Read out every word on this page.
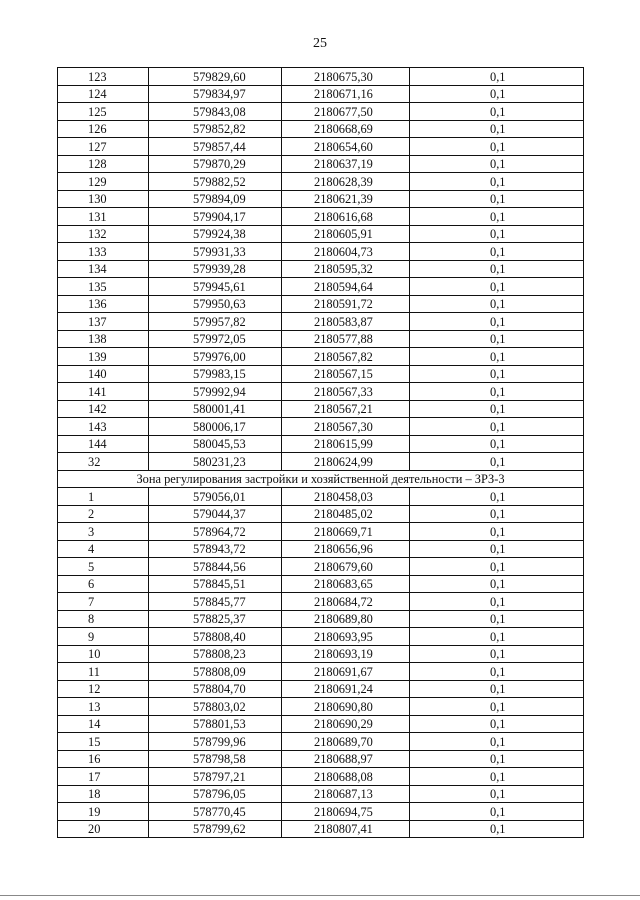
25
123	579829,60	2180675,30	0,1
124	579834,97	2180671,16	0,1
125	579843,08	2180677,50	0,1
126	579852,82	2180668,69	0,1
127	579857,44	2180654,60	0,1
128	579870,29	2180637,19	0,1
129	579882,52	2180628,39	0,1
130	579894,09	2180621,39	0,1
131	579904,17	2180616,68	0,1
132	579924,38	2180605,91	0,1
133	579931,33	2180604,73	0,1
134	579939,28	2180595,32	0,1
135	579945,61	2180594,64	0,1
136	579950,63	2180591,72	0,1
137	579957,82	2180583,87	0,1
138	579972,05	2180577,88	0,1
139	579976,00	2180567,82	0,1
140	579983,15	2180567,15	0,1
141	579992,94	2180567,33	0,1
142	580001,41	2180567,21	0,1
143	580006,17	2180567,30	0,1
144	580045,53	2180615,99	0,1
32	580231,23	2180624,99	0,1
Зона регулирования застройки и хозяйственной деятельности – ЗРЗ-3			
1	579056,01	2180458,03	0,1
2	579044,37	2180485,02	0,1
3	578964,72	2180669,71	0,1
4	578943,72	2180656,96	0,1
5	578844,56	2180679,60	0,1
6	578845,51	2180683,65	0,1
7	578845,77	2180684,72	0,1
8	578825,37	2180689,80	0,1
9	578808,40	2180693,95	0,1
10	578808,23	2180693,19	0,1
11	578808,09	2180691,67	0,1
12	578804,70	2180691,24	0,1
13	578803,02	2180690,80	0,1
14	578801,53	2180690,29	0,1
15	578799,96	2180689,70	0,1
16	578798,58	2180688,97	0,1
17	578797,21	2180688,08	0,1
18	578796,05	2180687,13	0,1
19	578770,45	2180694,75	0,1
20	578799,62	2180807,41	0,1
